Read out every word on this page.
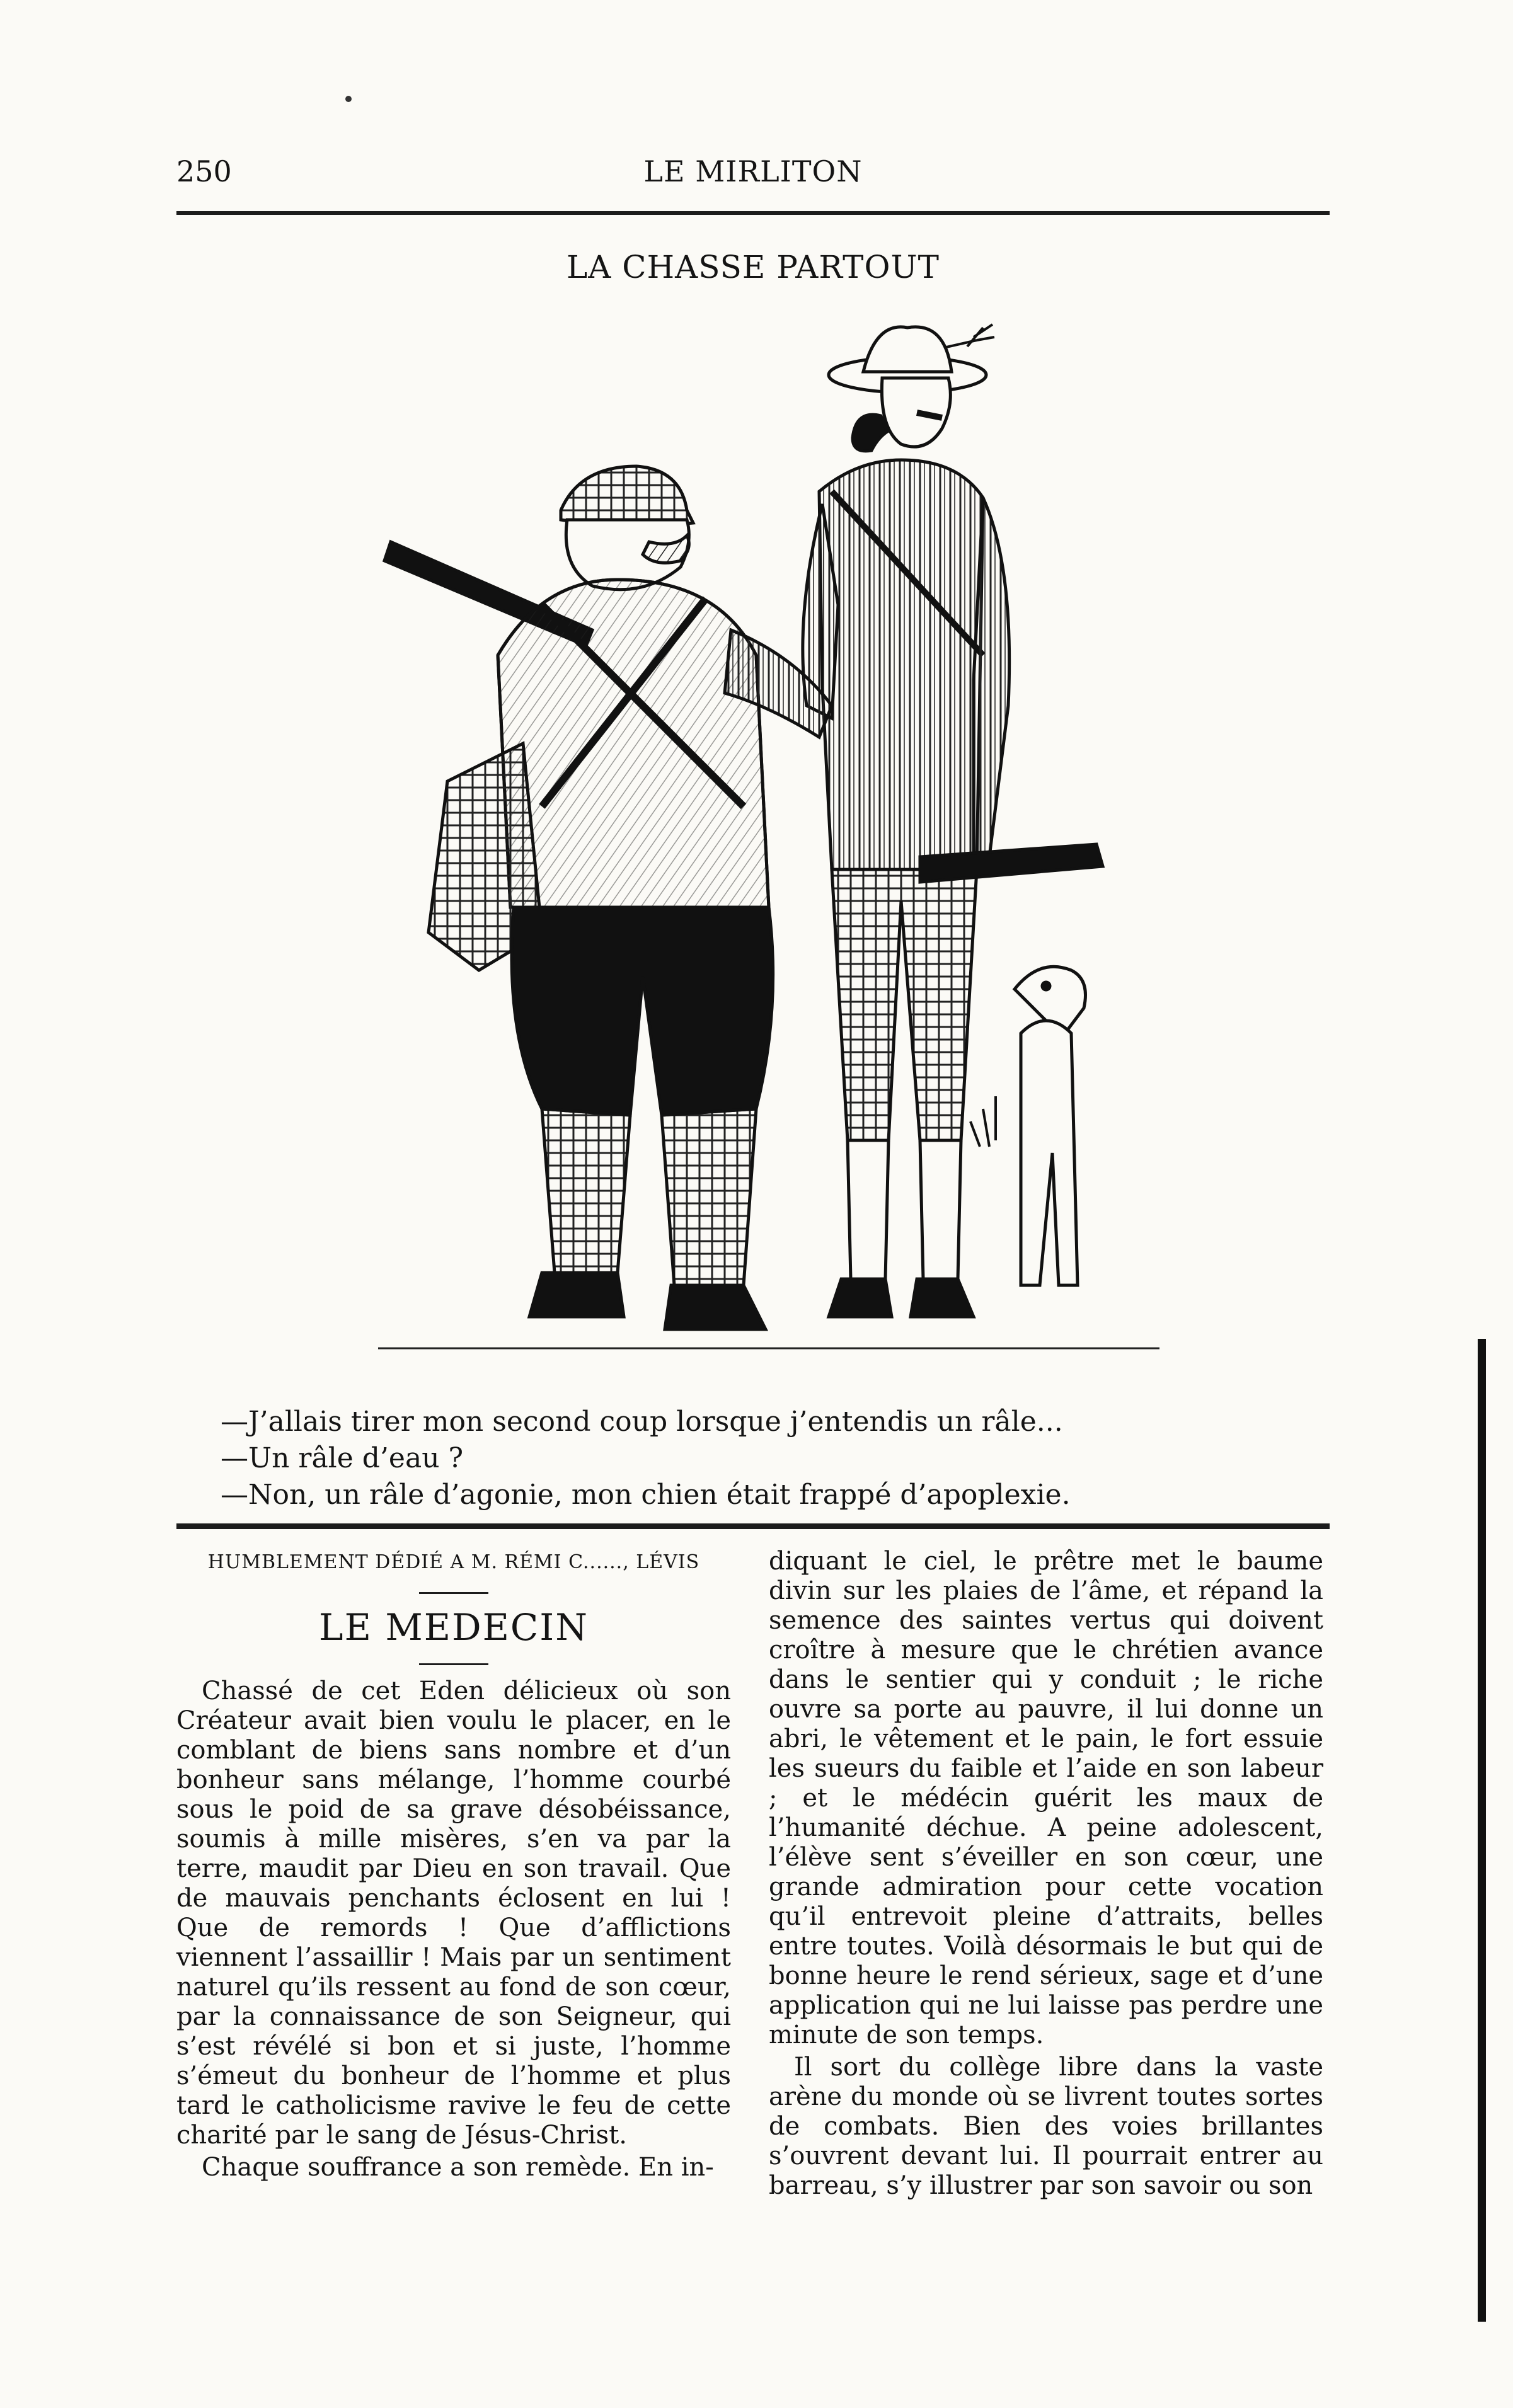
250	LE MIRLITON
LA CHASSE PARTOUT
—J’allais tirer mon second coup lorsque j’entendis un râle...
—Un râle d’eau ?
—Non, un râle d’agonie, mon chien était frappé d’apoplexie.
HUMBLEMENT DÉDIÉ A M. RÉMI C......, LÉVIS
LE MEDECIN

Chassé de cet Eden délicieux où son Créateur avait bien voulu le placer, en le comblant de biens sans nombre et d’un bonheur sans mélange, l’homme courbé sous le poid de sa grave désobéissance, soumis à mille misères, s’en va par la terre, maudit par Dieu en son travail. Que de mauvais penchants éclosent en lui ! Que de remords ! Que d’afflictions viennent l’assaillir ! Mais par un sentiment naturel qu’ils ressent au fond de son cœur, par la connaissance de son Seigneur, qui s’est révélé si bon et si juste, l’homme s’émeut du bonheur de l’homme et plus tard le catholicisme ravive le feu de cette charité par le sang de Jésus-Christ.

Chaque souffrance a son remède. En in-

diquant le ciel, le prêtre met le baume divin sur les plaies de l’âme, et répand la semence des saintes vertus qui doivent croître à mesure que le chrétien avance dans le sentier qui y conduit ; le riche ouvre sa porte au pauvre, il lui donne un abri, le vêtement et le pain, le fort essuie les sueurs du faible et l’aide en son labeur ; et le médécin guérit les maux de l’humanité déchue. A peine adolescent, l’élève sent s’éveiller en son cœur, une grande admiration pour cette vocation qu’il entrevoit pleine d’attraits, belles entre toutes. Voilà désormais le but qui de bonne heure le rend sérieux, sage et d’une application qui ne lui laisse pas perdre une minute de son temps.

Il sort du collège libre dans la vaste arène du monde où se livrent toutes sortes de combats. Bien des voies brillantes s’ouvrent devant lui. Il pourrait entrer au barreau, s’y illustrer par son savoir ou son
